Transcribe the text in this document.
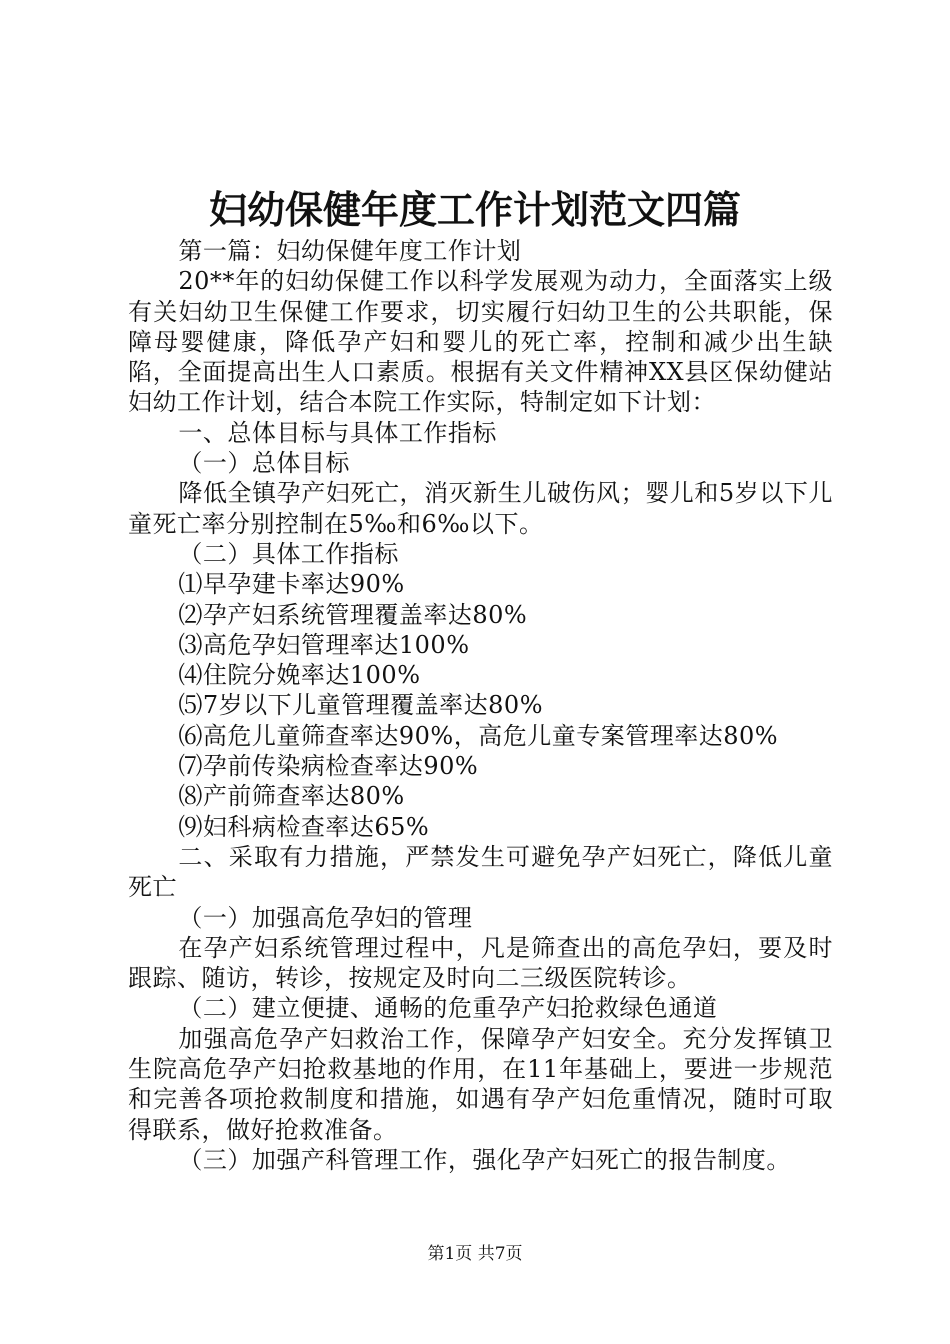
妇幼保健年度工作计划范文四篇

第一篇：妇幼保健年度工作计划

20**年的妇幼保健工作以科学发展观为动力，全面落实上级有关妇幼卫生保健工作要求，切实履行妇幼卫生的公共职能，保障母婴健康，降低孕产妇和婴儿的死亡率，控制和减少出生缺陷，全面提高出生人口素质。根据有关文件精神XX县区保幼健站妇幼工作计划，结合本院工作实际，特制定如下计划：

一、总体目标与具体工作指标

（一）总体目标

降低全镇孕产妇死亡，消灭新生儿破伤风；婴儿和5岁以下儿童死亡率分别控制在5‰和6‰以下。

（二）具体工作指标

⑴早孕建卡率达90%

⑵孕产妇系统管理覆盖率达80%

⑶高危孕妇管理率达100%

⑷住院分娩率达100%

⑸7岁以下儿童管理覆盖率达80%

⑹高危儿童筛查率达90%，高危儿童专案管理率达80%

⑺孕前传染病检查率达90%

⑻产前筛查率达80%

⑼妇科病检查率达65%

二、采取有力措施，严禁发生可避免孕产妇死亡，降低儿童死亡

（一）加强高危孕妇的管理

在孕产妇系统管理过程中，凡是筛查出的高危孕妇，要及时跟踪、随访，转诊，按规定及时向二三级医院转诊。

（二）建立便捷、通畅的危重孕产妇抢救绿色通道

加强高危孕产妇救治工作，保障孕产妇安全。充分发挥镇卫生院高危孕产妇抢救基地的作用，在11年基础上，要进一步规范和完善各项抢救制度和措施，如遇有孕产妇危重情况，随时可取得联系，做好抢救准备。

（三）加强产科管理工作，强化孕产妇死亡的报告制度。

第1页 共7页
